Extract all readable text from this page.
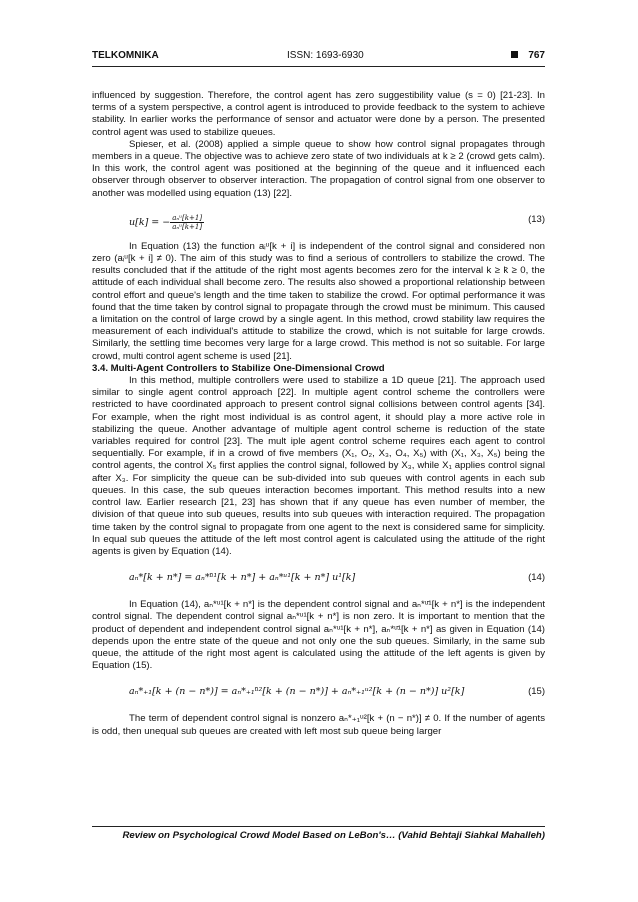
TELKOMNIKA	ISSN: 1693-6930	767

influenced by suggestion. Therefore, the control agent has zero suggestibility value (s = 0) [21-23]. In terms of a system perspective, a control agent is introduced to provide feedback to the system to achieve stability. In earlier works the performance of sensor and actuator were done by a person. The presented control agent was used to stabilize queues.

Spieser, et al. (2008) applied a simple queue to show how control signal propagates through members in a queue. The objective was to achieve zero state of two individuals at k ≥ 2 (crowd gets calm). In this work, the control agent was positioned at the beginning of the queue and it influenced each observer through observer to observer interaction. The propagation of control signal from one observer to another was modelled using equation (13) [22].

u[k] = − $\frac{\text{aₙᵘ[k+1]}}{\text{aₙᵘ[k+1]}}$	(13)

In Equation (13) the function aᵢᵘ[k + i] is independent of the control signal and considered non zero (aᵢᵘ[k + i] ≠ 0). The aim of this study was to find a serious of controllers to stabilize the crowd. The results concluded that if the attitude of the right most agents becomes zero for the interval k ≥ k̄ ≥ 0, the attitude of each individual shall become zero. The results also showed a proportional relationship between control effort and queue's length and the time taken to stabilize the crowd. For optimal performance it was found that the time taken by control signal to propagate through the crowd must be minimum. This caused a limitation on the control of large crowd by a single agent. In this method, crowd stability law requires the measurement of each individual's attitude to stabilize the crowd, which is not suitable for large crowds. Similarly, the settling time becomes very large for a large crowd. This method is not so suitable. For large crowd, multi control agent scheme is used [21].

3.4. Multi-Agent Controllers to Stabilize One-Dimensional Crowd

In this method, multiple controllers were used to stabilize a 1D queue [21]. The approach used similar to single agent control approach [22]. In multiple agent control scheme the controllers were restricted to have coordinated approach to present control signal collisions between control agents [34]. For example, when the right most individual is as control agent, it should play a more active role in stabilizing the queue. Another advantage of multiple agent control scheme is reduction of the state variables required for control [23]. The mult iple agent control scheme requires each agent to control sequentially. For example, if in a crowd of five members (X₁, O₂, X₃, O₄, X₅) with (X₁, X₃, X₅) being the control agents, the control X₅ first applies the control signal, followed by X₃, while X₁ applies control signal after X₃. For simplicity the queue can be sub-divided into sub queues with control agents in each sub queues. In this case, the sub queues interaction becomes important. This method results into a new control law. Earlier research [21, 23] has shown that if any queue has even number of member, the division of that queue into sub queues, results into sub queues with interaction required. The propagation time taken by the control signal to propagate from one agent to the next is considered same for simplicity. In equal sub queues the attitude of the left most control agent is calculated using the attitude of the right agents is given by Equation (14).

aₙ*[k + n*] = aₙ*ᵘ̄¹[k + n*] + aₙ*ᵘ¹[k + n*] u¹[k]	(14)

In Equation (14), aₙ*ᵘ¹[k + n*] is the dependent control signal and aₙ*ᵘ̄¹[k + n*] is the independent control signal. The dependent control signal aₙ*ᵘ¹[k + n*] is non zero. It is important to mention that the product of dependent and independent control signal aₙ*ᵘ¹[k + n*], aₙ*ᵘ̄¹[k + n*] as given in Equation (14) depends upon the entre state of the queue and not only one the sub queues. Similarly, in the same sub queue, the attitude of the right most agent is calculated using the attitude of the left agents is given by Equation (15).

aₙ*₊₁[k + (n − n*)] = aₙ*₊₁ᵘ̄²[k + (n − n*)] + aₙ*₊₁ᵘ²[k + (n − n*)] u²[k]	(15)

The term of dependent control signal is nonzero aₙ*₊₁ᵘ²[k + (n − n*)] ≠ 0. If the number of agents is odd, then unequal sub queues are created with left most sub queue being larger

Review on Psychological Crowd Model Based on LeBon's… (Vahid Behtaji Siahkal Mahalleh)
